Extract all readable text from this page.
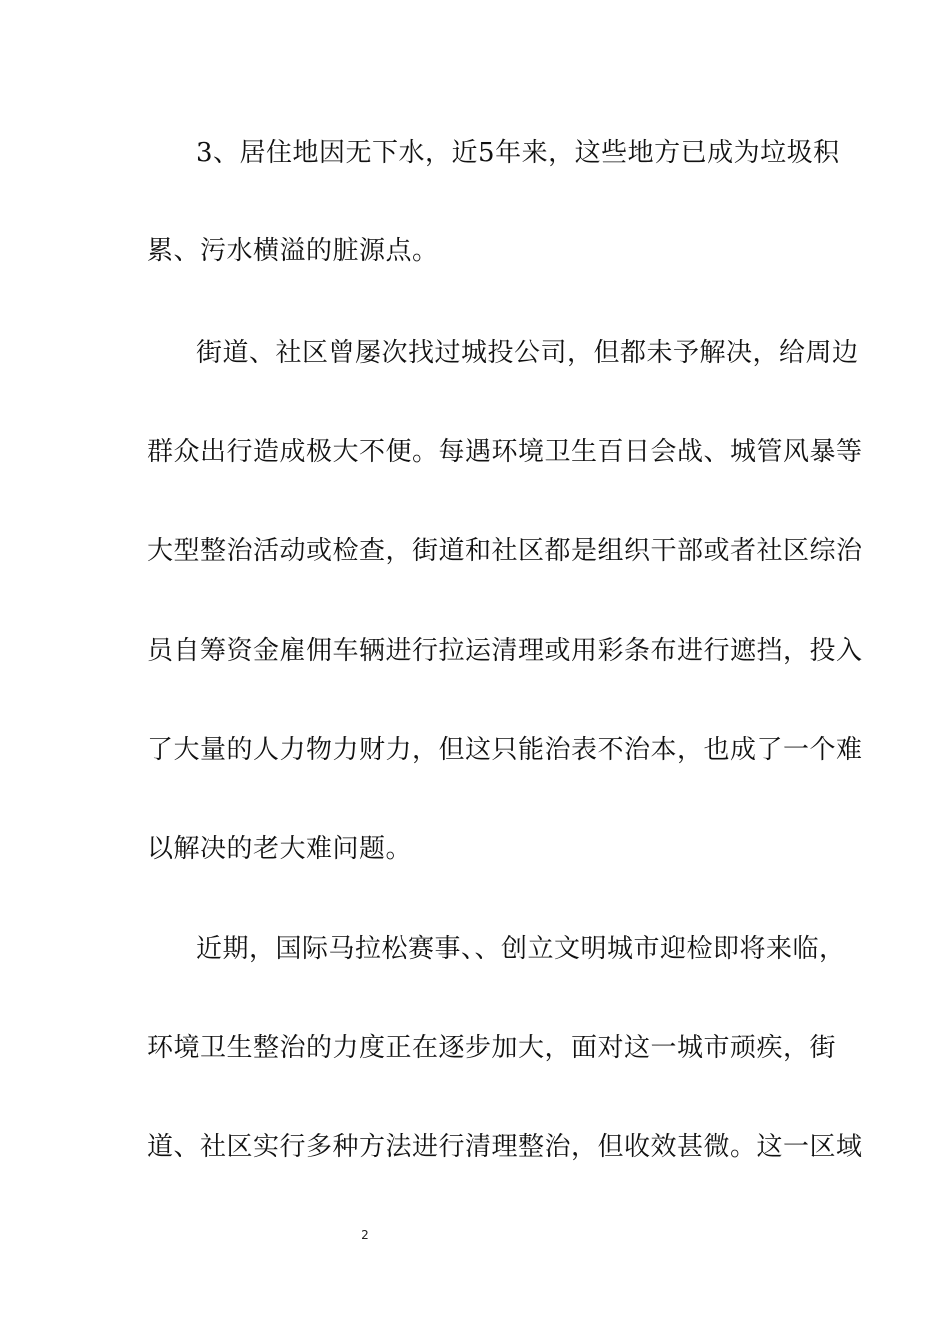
3、居住地因无下水，近5年来，这些地方已成为垃圾积
累、污水横溢的脏源点。
街道、社区曾屡次找过城投公司，但都未予解决，给周边
群众出行造成极大不便。每遇环境卫生百日会战、城管风暴等
大型整治活动或检查，街道和社区都是组织干部或者社区综治
员自筹资金雇佣车辆进行拉运清理或用彩条布进行遮挡，投入
了大量的人力物力财力，但这只能治表不治本，也成了一个难
以解决的老大难问题。
近期，国际马拉松赛事、、创立文明城市迎检即将来临，
环境卫生整治的力度正在逐步加大，面对这一城市顽疾，街
道、社区实行多种方法进行清理整治，但收效甚微。这一区域
2
